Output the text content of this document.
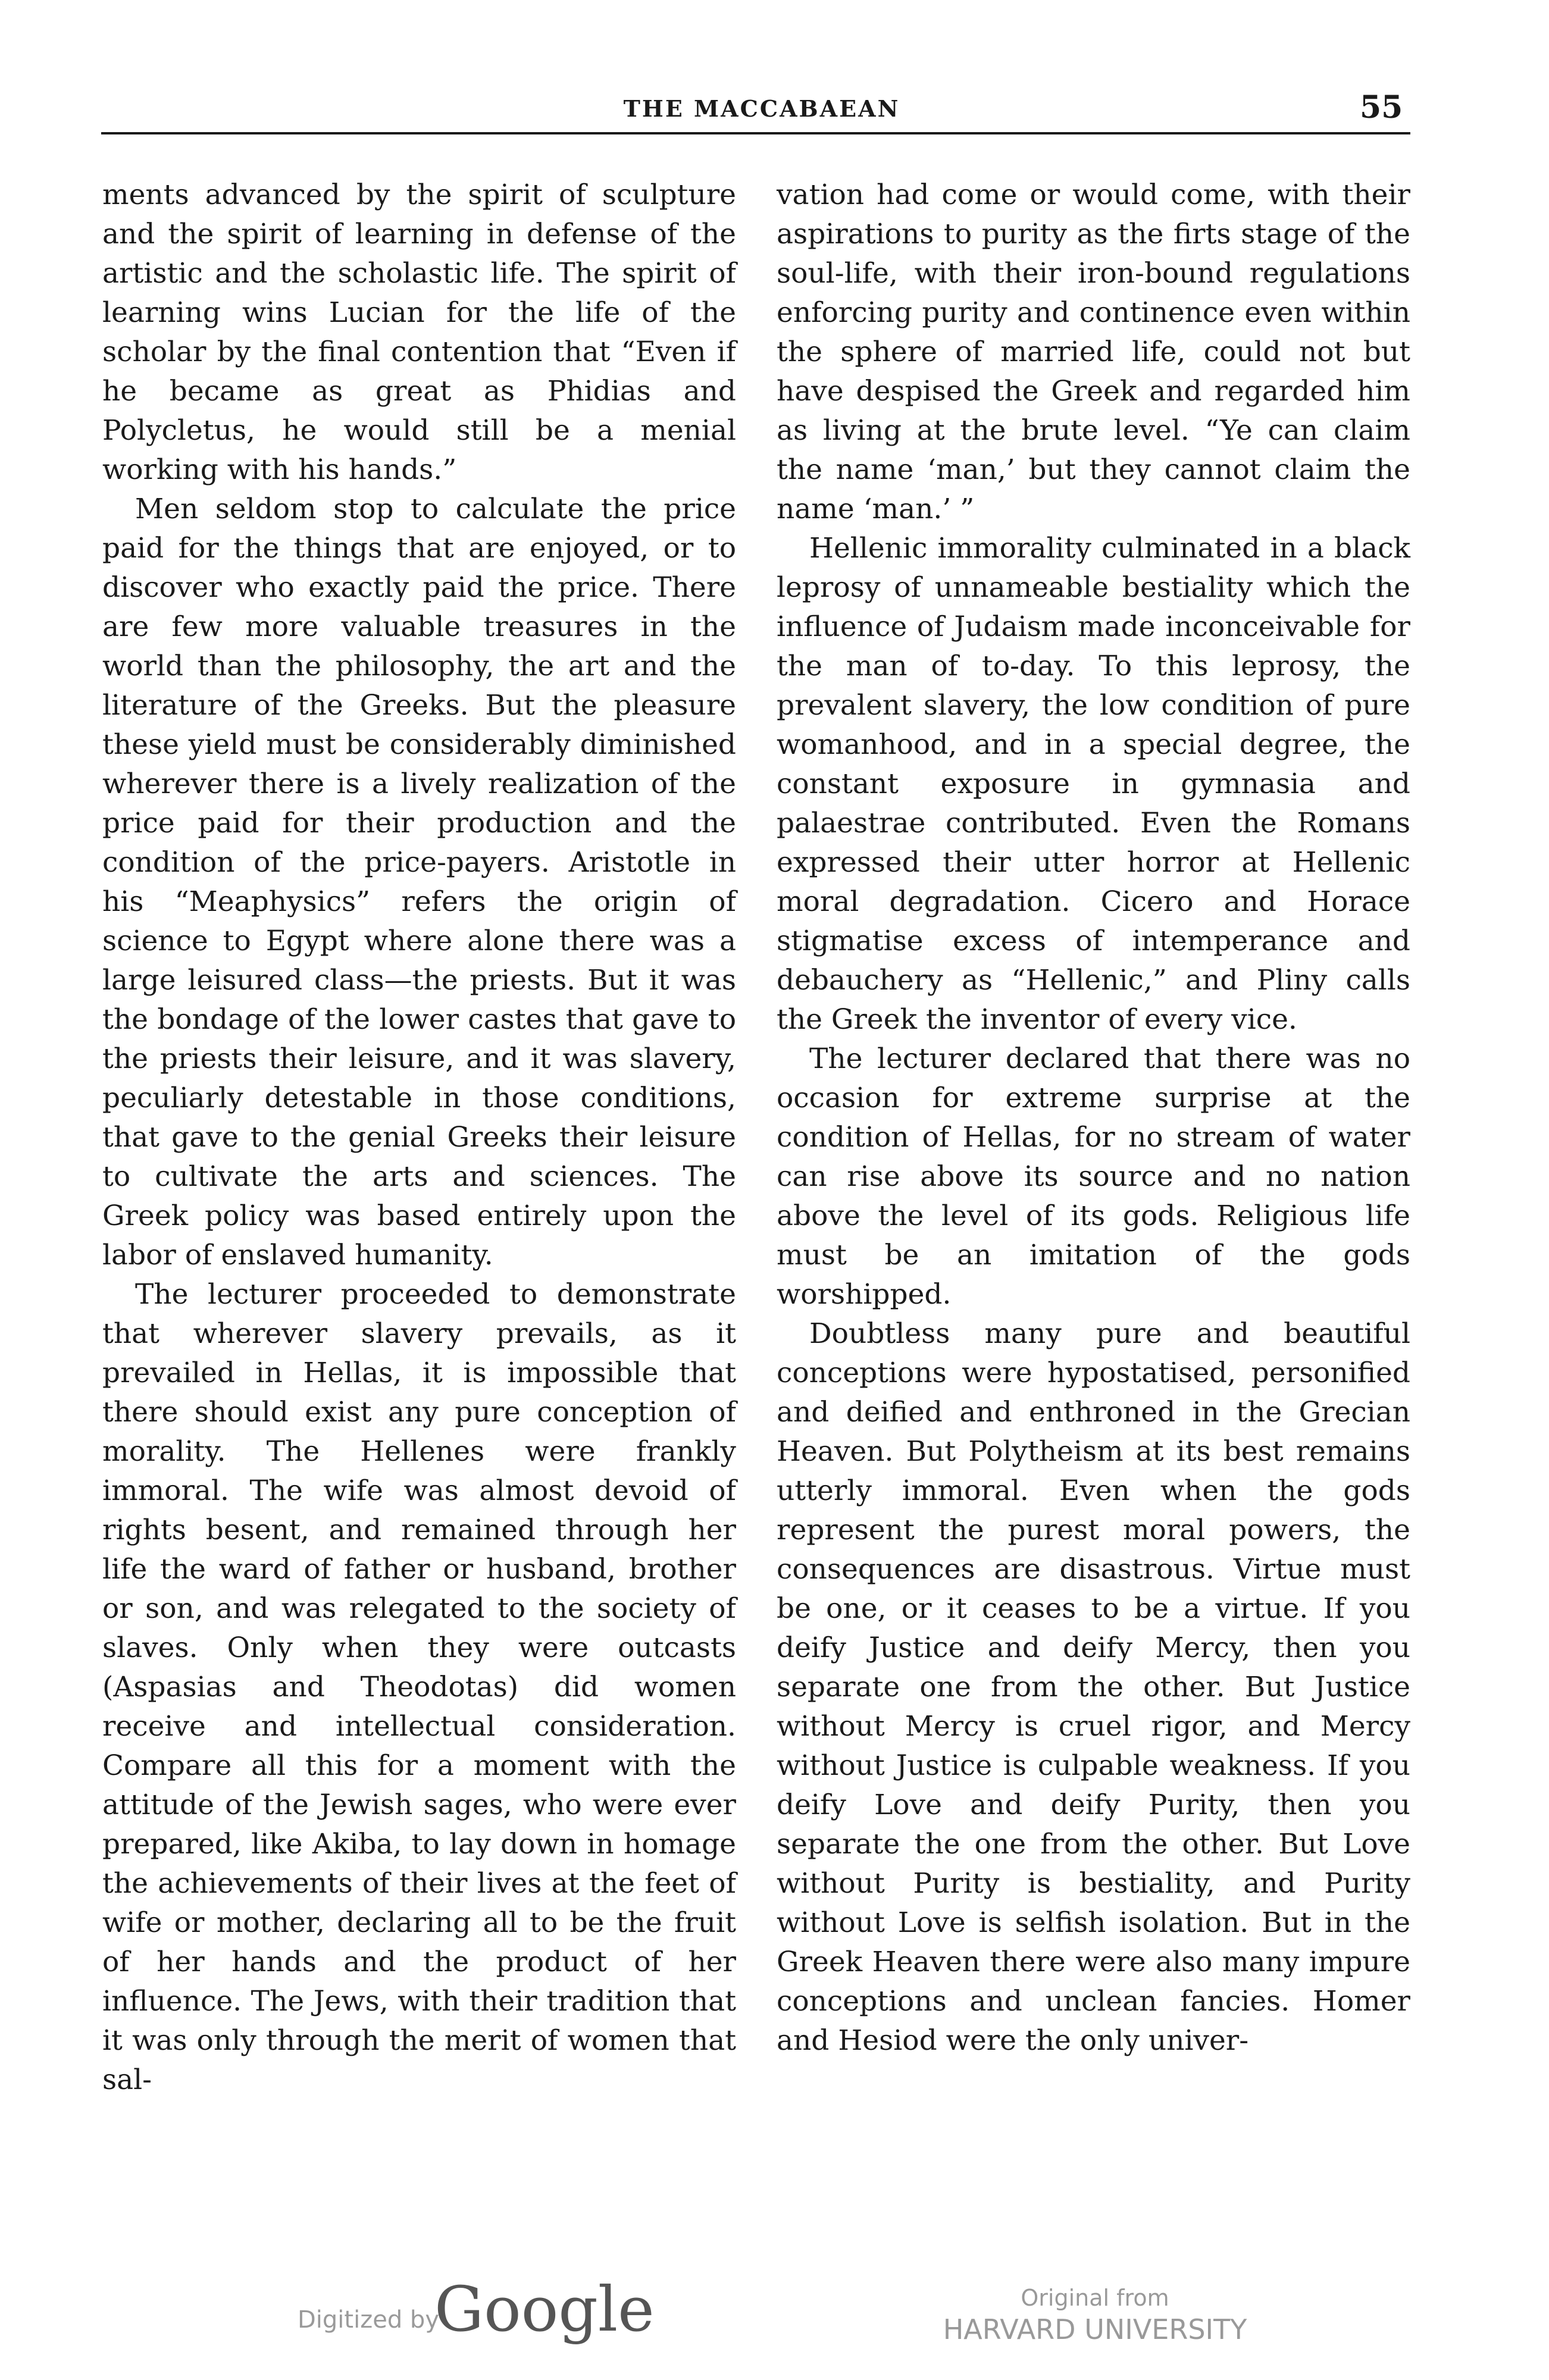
THE MACCABAEAN	55

ments advanced by the spirit of sculpture and the spirit of learning in defense of the artistic and the scholastic life. The spirit of learning wins Lucian for the life of the scholar by the final contention that “Even if he became as great as Phidias and Polycletus, he would still be a menial working with his hands.”

Men seldom stop to calculate the price paid for the things that are enjoyed, or to discover who exactly paid the price. There are few more valuable treasures in the world than the philosophy, the art and the literature of the Greeks. But the pleasure these yield must be considerably diminished wherever there is a lively realization of the price paid for their production and the condition of the price-payers. Aristotle in his “Meaphysics” refers the origin of science to Egypt where alone there was a large leisured class—the priests. But it was the bondage of the lower castes that gave to the priests their leisure, and it was slavery, peculiarly detestable in those conditions, that gave to the genial Greeks their leisure to cultivate the arts and sciences. The Greek policy was based entirely upon the labor of enslaved humanity.

The lecturer proceeded to demonstrate that wherever slavery prevails, as it prevailed in Hellas, it is impossible that there should exist any pure conception of morality. The Hellenes were frankly immoral. The wife was almost devoid of rights besent, and remained through her life the ward of father or husband, brother or son, and was relegated to the society of slaves. Only when they were outcasts (Aspasias and Theodotas) did women receive and intellectual consideration. Compare all this for a moment with the attitude of the Jewish sages, who were ever prepared, like Akiba, to lay down in homage the achievements of their lives at the feet of wife or mother, declaring all to be the fruit of her hands and the product of her influence. The Jews, with their tradition that it was only through the merit of women that sal-

vation had come or would come, with their aspirations to purity as the firts stage of the soul-life, with their iron-bound regulations enforcing purity and continence even within the sphere of married life, could not but have despised the Greek and regarded him as living at the brute level. “Ye can claim the name ‘man,’ but they cannot claim the name ‘man.’ ”

Hellenic immorality culminated in a black leprosy of unnameable bestiality which the influence of Judaism made inconceivable for the man of to-day. To this leprosy, the prevalent slavery, the low condition of pure womanhood, and in a special degree, the constant exposure in gymnasia and palaestrae contributed. Even the Romans expressed their utter horror at Hellenic moral degradation. Cicero and Horace stigmatise excess of intemperance and debauchery as “Hellenic,” and Pliny calls the Greek the inventor of every vice.

The lecturer declared that there was no occasion for extreme surprise at the condition of Hellas, for no stream of water can rise above its source and no nation above the level of its gods. Religious life must be an imitation of the gods worshipped.

Doubtless many pure and beautiful conceptions were hypostatised, personified and deified and enthroned in the Grecian Heaven. But Polytheism at its best remains utterly immoral. Even when the gods represent the purest moral powers, the consequences are disastrous. Virtue must be one, or it ceases to be a virtue. If you deify Justice and deify Mercy, then you separate one from the other. But Justice without Mercy is cruel rigor, and Mercy without Justice is culpable weakness. If you deify Love and deify Purity, then you separate the one from the other. But Love without Purity is bestiality, and Purity without Love is selfish isolation. But in the Greek Heaven there were also many impure conceptions and unclean fancies. Homer and Hesiod were the only univer-

Digitized by
Google	Original from
HARVARD UNIVERSITY
